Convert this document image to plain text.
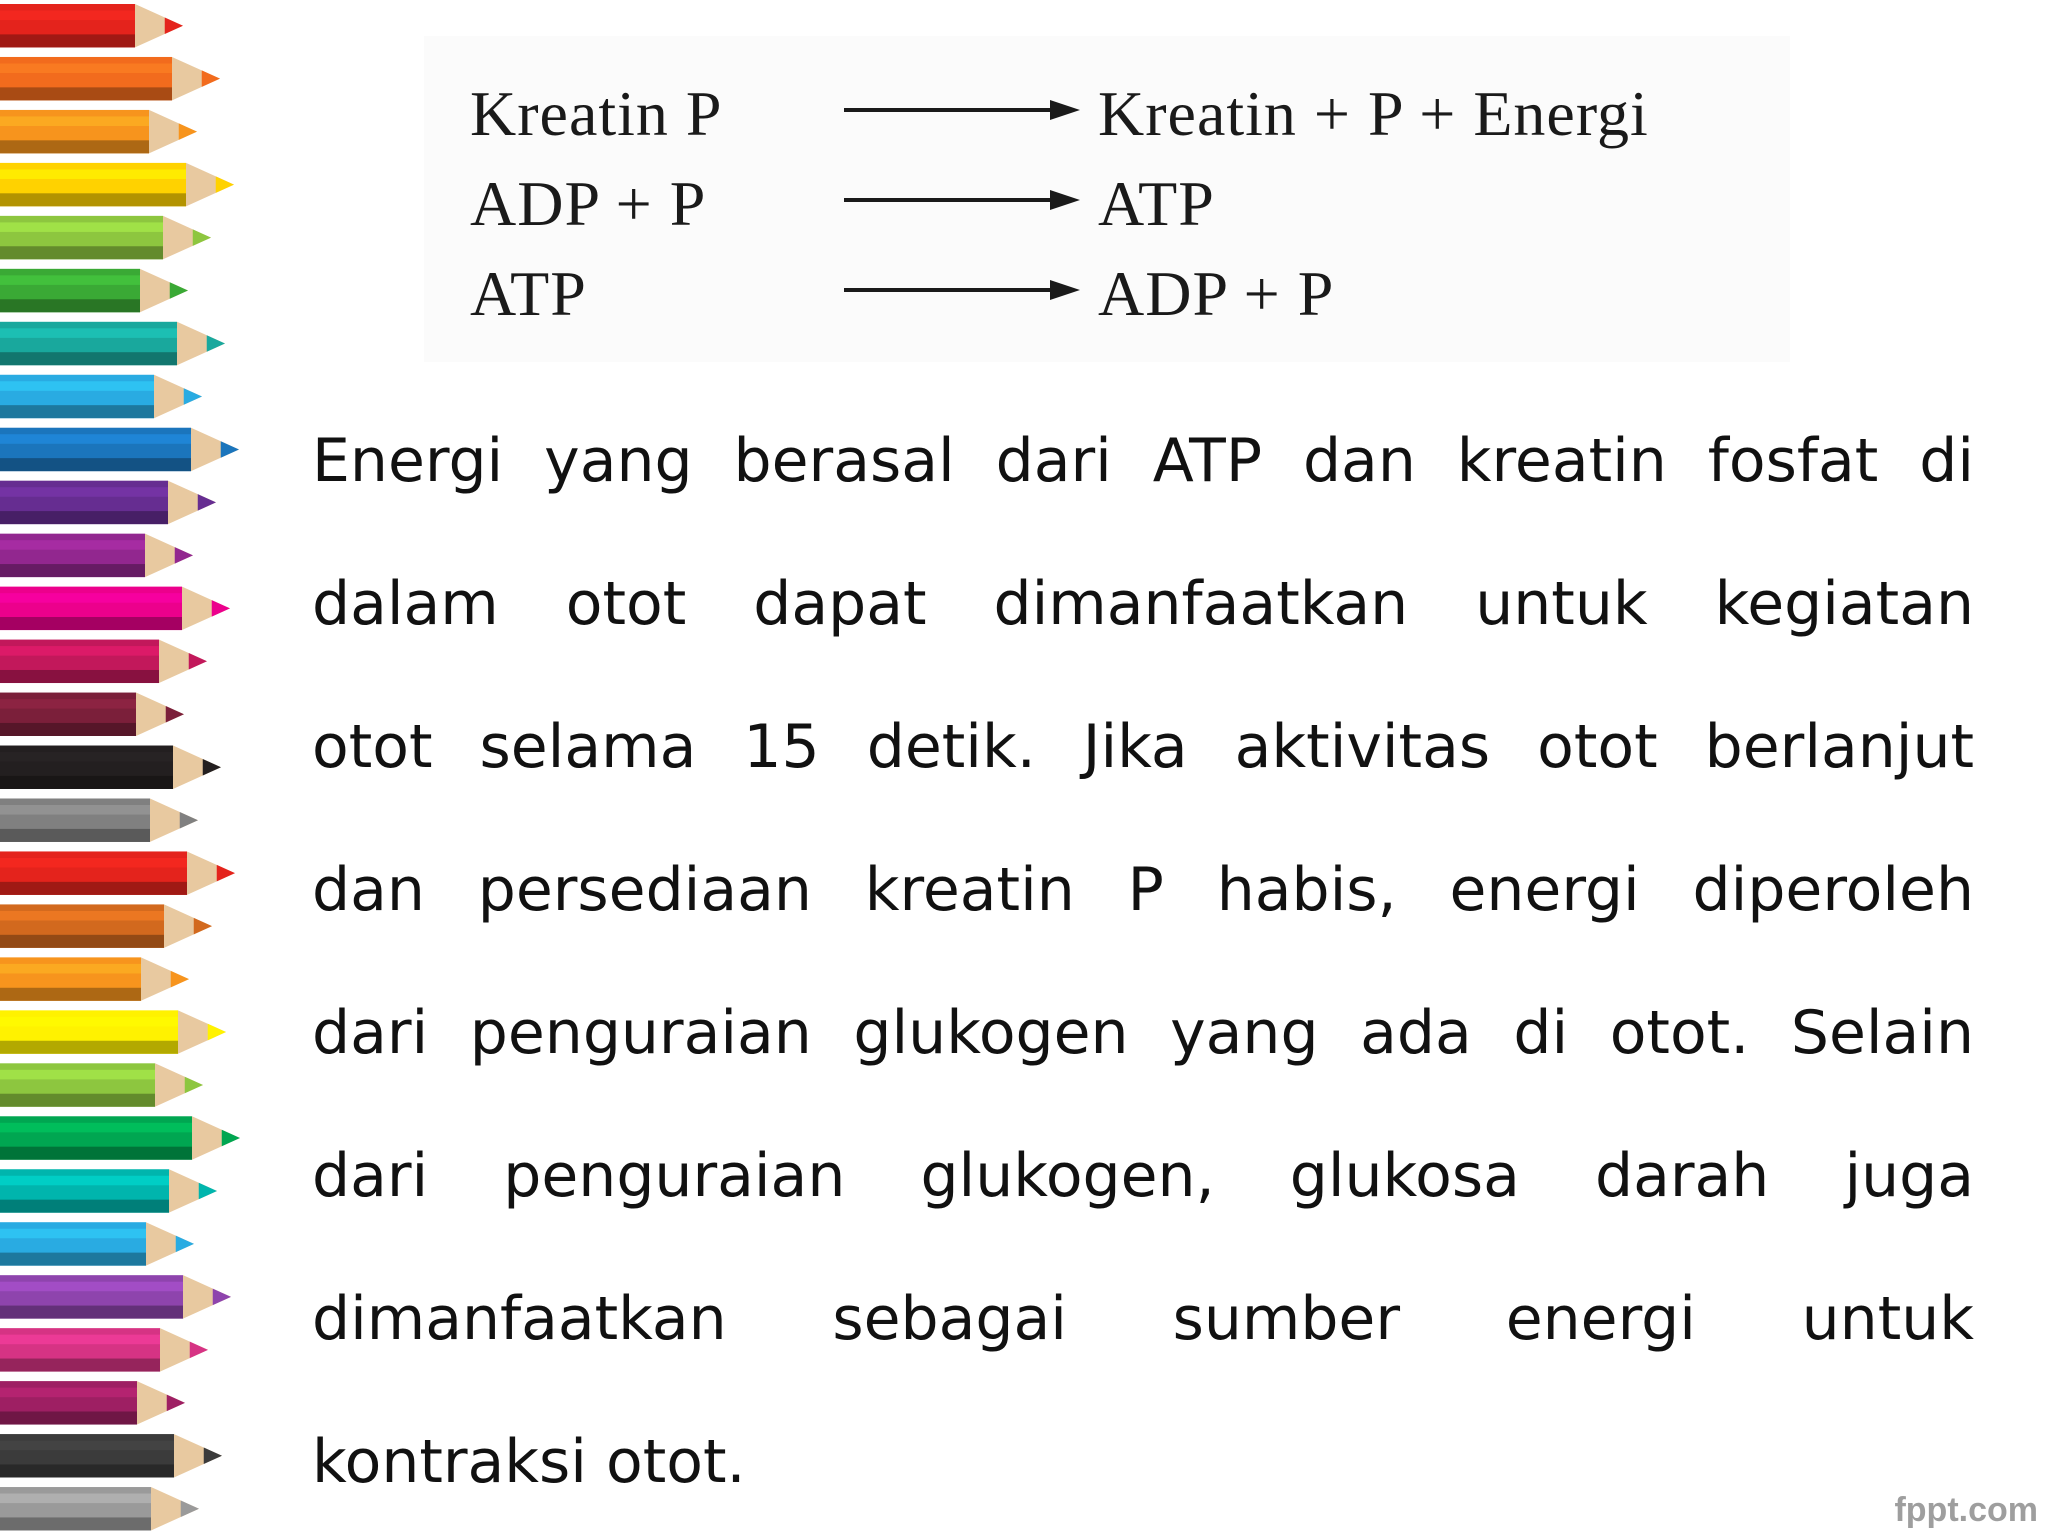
Kreatin P	Kreatin + P + Energi
ADP + P	ATP
ATP	ADP + P
Energi yang berasal dari ATP dan kreatin fosfat di
dalam otot dapat dimanfaatkan untuk kegiatan
otot selama 15 detik. Jika aktivitas otot berlanjut
dan persediaan kreatin P habis, energi diperoleh
dari penguraian glukogen yang ada di otot. Selain
dari penguraian glukogen, glukosa darah juga
dimanfaatkan sebagai sumber energi untuk
kontraksi otot.
fppt.com
